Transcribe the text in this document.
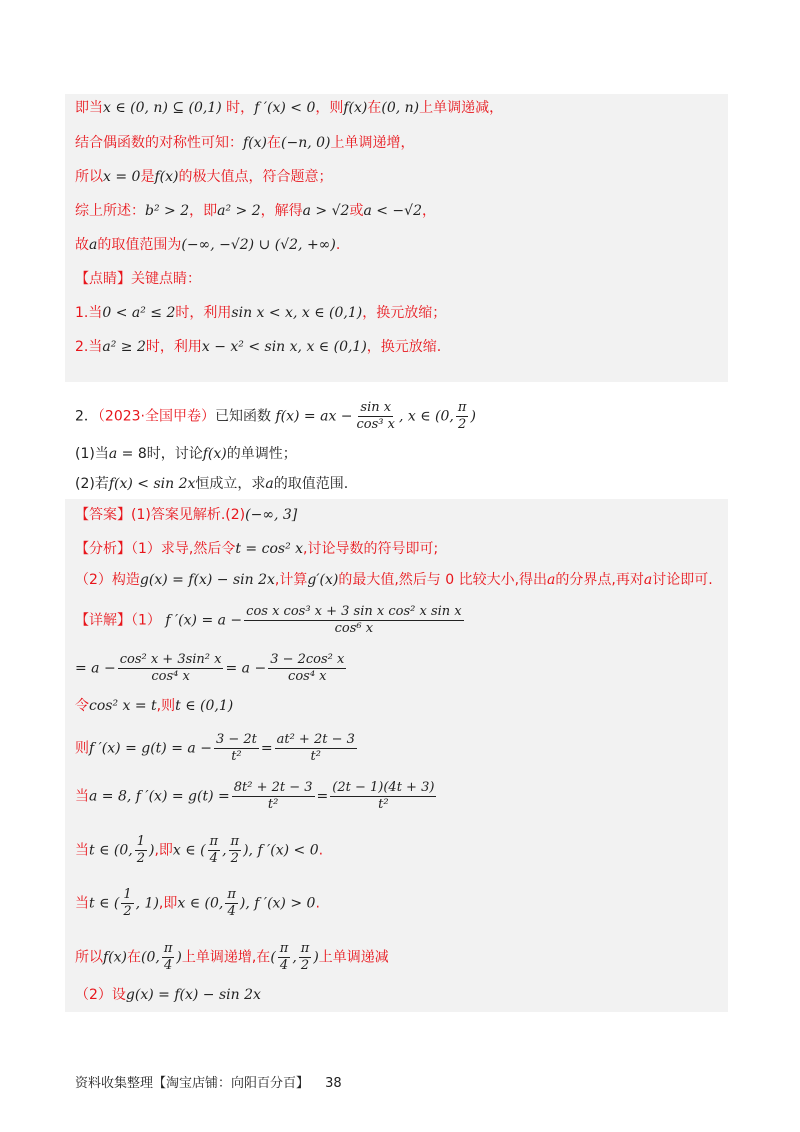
即当x ∈ (0, n) ⊆ (0,1) 时，f ′(x) < 0，则f(x)在(0, n)上单调递减，
结合偶函数的对称性可知：f(x)在(−n, 0)上单调递增，
所以x = 0是f(x)的极大值点，符合题意；
综上所述：b² > 2，即a² > 2，解得a > √2或a < −√2，
故a的取值范围为(−∞, −√2) ∪ (√2, +∞).
【点睛】关键点睛：
1.当0 < a² ≤ 2时，利用sin x < x, x ∈ (0,1)，换元放缩；
2.当a² ≥ 2时，利用x − x² < sin x, x ∈ (0,1)，换元放缩.
2．（2023·全国甲卷）已知函数 f(x) = ax − $\frac{\text{sin x}}{\text{cos³ x}}$ , x ∈ (0, $\frac{\pi}{2}$ )
(1)当a = 8时，讨论f(x)的单调性；
(2)若f(x) < sin 2x恒成立，求a的取值范围.
【答案】(1)答案见解析.(2)(−∞, 3]
【分析】（1）求导,然后令t = cos² x,讨论导数的符号即可;
（2）构造g(x) = f(x) − sin 2x,计算g′(x)的最大值,然后与 0 比较大小,得出a的分界点,再对a讨论即可.
【详解】（1） f $'(x) = a - \frac{\text{cos x cos³ x + 3 sin x cos² x sin x}}{\text{cos⁶ x}}$
= $a - \frac{\text{cos² x + 3sin² x}}{\text{cos⁴ x}} = a - \frac{\text{3 − 2cos² x}}{\text{cos⁴ x}}$
令cos² x = t,则t ∈ (0,1)
则f $'(x) = g(t) = a - \frac{3 - 2t}{\text{t²}} = \frac{\text{at² + 2t − 3}}{\text{t²}}$
当a = 8, f $'(x) = g(t) = \frac{\text{8t² + 2t − 3}}{\text{t²}} = \frac{(2t - 1)(4t + 3)}{\text{t²}}$
当t ∈ (0, $\frac{1}{2}$ ),即x ∈ ( $\frac{\pi}{4}$ , $\frac{\pi}{2}$ ), f ′(x) < 0.
当t ∈ ( $\frac{1}{2}$ , 1),即x ∈ (0, $\frac{\pi}{4}$ ), f ′(x) > 0.
所以f(x)在(0, $\frac{\pi}{4}$ )上单调递增,在( $\frac{\pi}{4}$ , $\frac{\pi}{2}$ )上单调递减
（2）设g(x) = f(x) − sin 2x
资料收集整理【淘宝店铺：向阳百分百】 38
